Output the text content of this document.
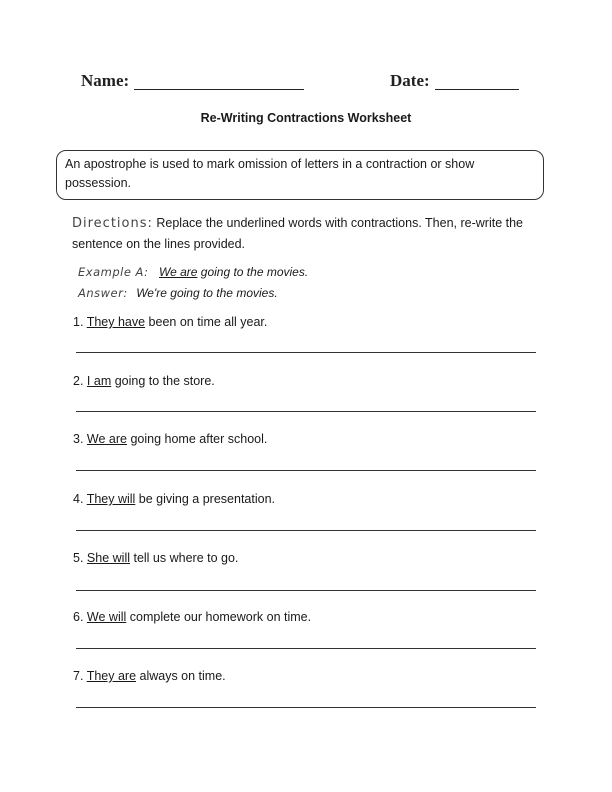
Name:	Date:
Re-Writing Contractions Worksheet
An apostrophe is used to mark omission of letters in a contraction or show possession.
Directions: Replace the underlined words with contractions. Then, re-write the sentence on the lines provided.
Example A: We are going to the movies.
Answer: We're going to the movies.
1. They have been on time all year.
2. I am going to the store.
3. We are going home after school.
4. They will be giving a presentation.
5. She will tell us where to go.
6. We will complete our homework on time.
7. They are always on time.
